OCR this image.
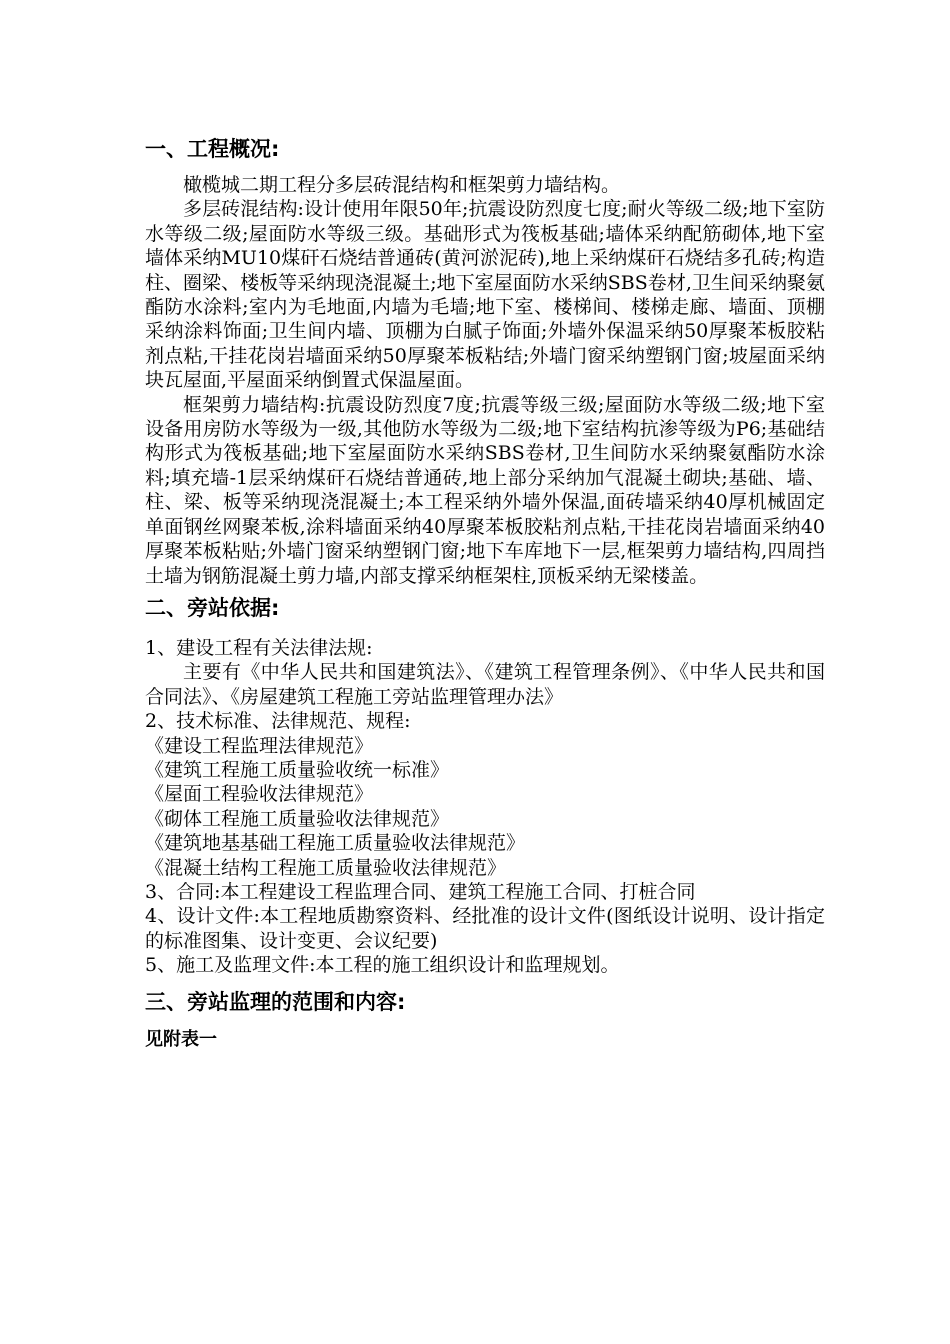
一、工程概况:

橄榄城二期工程分多层砖混结构和框架剪力墙结构。

多层砖混结构:设计使用年限50年;抗震设防烈度七度;耐火等级二级;地下室防水等级二级;屋面防水等级三级。基础形式为筏板基础;墙体采纳配筋砌体,地下室墙体采纳MU10煤矸石烧结普通砖(黄河淤泥砖),地上采纳煤矸石烧结多孔砖;构造柱、圈梁、楼板等采纳现浇混凝土;地下室屋面防水采纳SBS卷材,卫生间采纳聚氨酯防水涂料;室内为毛地面,内墙为毛墙;地下室、楼梯间、楼梯走廊、墙面、顶棚采纳涂料饰面;卫生间内墙、顶棚为白腻子饰面;外墙外保温采纳50厚聚苯板胶粘剂点粘,干挂花岗岩墙面采纳50厚聚苯板粘结;外墙门窗采纳塑钢门窗;坡屋面采纳块瓦屋面,平屋面采纳倒置式保温屋面。

框架剪力墙结构:抗震设防烈度7度;抗震等级三级;屋面防水等级二级;地下室设备用房防水等级为一级,其他防水等级为二级;地下室结构抗渗等级为P6;基础结构形式为筏板基础;地下室屋面防水采纳SBS卷材,卫生间防水采纳聚氨酯防水涂料;填充墙-1层采纳煤矸石烧结普通砖,地上部分采纳加气混凝土砌块;基础、墙、柱、梁、板等采纳现浇混凝土;本工程采纳外墙外保温,面砖墙采纳40厚机械固定单面钢丝网聚苯板,涂料墙面采纳40厚聚苯板胶粘剂点粘,干挂花岗岩墙面采纳40厚聚苯板粘贴;外墙门窗采纳塑钢门窗;地下车库地下一层,框架剪力墙结构,四周挡土墙为钢筋混凝土剪力墙,内部支撑采纳框架柱,顶板采纳无梁楼盖。

二、旁站依据:

1、建设工程有关法律法规:

主要有《中华人民共和国建筑法》、《建筑工程管理条例》、《中华人民共和国合同法》、《房屋建筑工程施工旁站监理管理办法》

2、技术标准、法律规范、规程:

《建设工程监理法律规范》

《建筑工程施工质量验收统一标准》

《屋面工程验收法律规范》

《砌体工程施工质量验收法律规范》

《建筑地基基础工程施工质量验收法律规范》

《混凝土结构工程施工质量验收法律规范》

3、合同:本工程建设工程监理合同、建筑工程施工合同、打桩合同

4、设计文件:本工程地质勘察资料、经批准的设计文件(图纸设计说明、设计指定的标准图集、设计变更、会议纪要)

5、施工及监理文件:本工程的施工组织设计和监理规划。

三、旁站监理的范围和内容:

见附表一
